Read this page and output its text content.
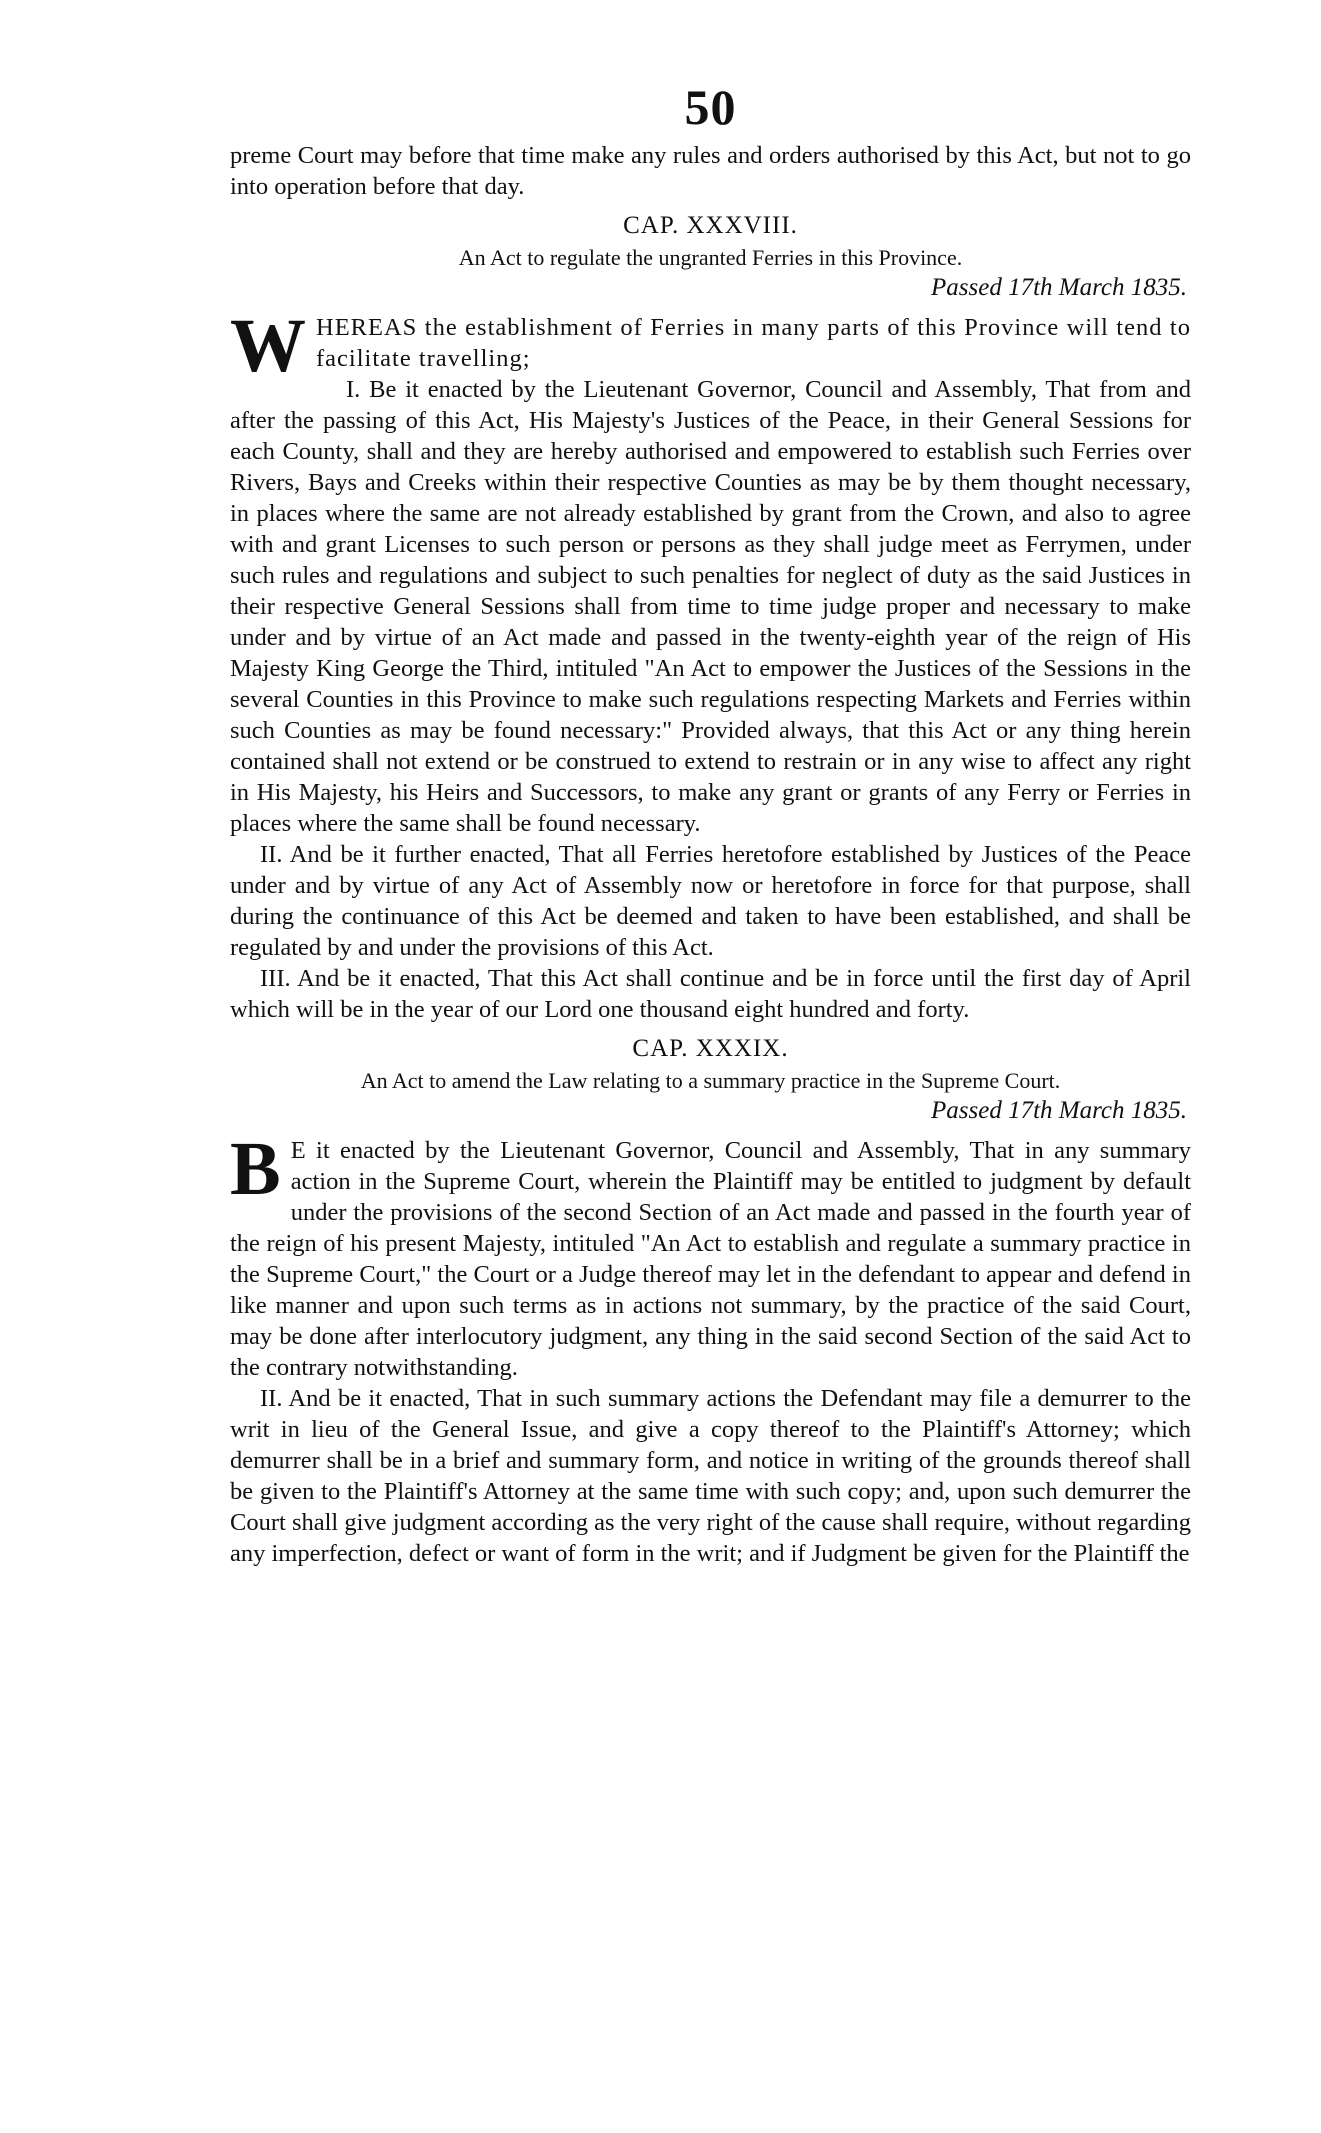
50

preme Court may before that time make any rules and orders authorised by this Act, but not to go into operation before that day.

CAP. XXXVIII.
An Act to regulate the ungranted Ferries in this Province.
Passed 17th March 1835.

WHEREAS the establishment of Ferries in many parts of this Province will tend to facilitate travelling;

I. Be it enacted by the Lieutenant Governor, Council and Assembly, That from and after the passing of this Act, His Majesty's Justices of the Peace, in their General Sessions for each County, shall and they are hereby authorised and empowered to establish such Ferries over Rivers, Bays and Creeks within their respective Counties as may be by them thought necessary, in places where the same are not already established by grant from the Crown, and also to agree with and grant Licenses to such person or persons as they shall judge meet as Ferrymen, under such rules and regulations and subject to such penalties for neglect of duty as the said Justices in their respective General Sessions shall from time to time judge proper and necessary to make under and by virtue of an Act made and passed in the twenty-eighth year of the reign of His Majesty King George the Third, intituled "An Act to empower the Justices of the Sessions in the several Counties in this Province to make such regulations respecting Markets and Ferries within such Counties as may be found necessary:" Provided always, that this Act or any thing herein contained shall not extend or be construed to extend to restrain or in any wise to affect any right in His Majesty, his Heirs and Successors, to make any grant or grants of any Ferry or Ferries in places where the same shall be found necessary.

II. And be it further enacted, That all Ferries heretofore established by Justices of the Peace under and by virtue of any Act of Assembly now or heretofore in force for that purpose, shall during the continuance of this Act be deemed and taken to have been established, and shall be regulated by and under the provisions of this Act.

III. And be it enacted, That this Act shall continue and be in force until the first day of April which will be in the year of our Lord one thousand eight hundred and forty.

CAP. XXXIX.
An Act to amend the Law relating to a summary practice in the Supreme Court.
Passed 17th March 1835.

B E it enacted by the Lieutenant Governor, Council and Assembly, That in any summary action in the Supreme Court, wherein the Plaintiff may be entitled to judgment by default under the provisions of the second Section of an Act made and passed in the fourth year of the reign of his present Majesty, intituled "An Act to establish and regulate a summary practice in the Supreme Court," the Court or a Judge thereof may let in the defendant to appear and defend in like manner and upon such terms as in actions not summary, by the practice of the said Court, may be done after interlocutory judgment, any thing in the said second Section of the said Act to the contrary notwithstanding.

II. And be it enacted, That in such summary actions the Defendant may file a demurrer to the writ in lieu of the General Issue, and give a copy thereof to the Plaintiff's Attorney; which demurrer shall be in a brief and summary form, and notice in writing of the grounds thereof shall be given to the Plaintiff's Attorney at the same time with such copy; and, upon such demurrer the Court shall give judgment according as the very right of the cause shall require, without regarding any imperfection, defect or want of form in the writ; and if Judgment be given for the Plaintiff the
